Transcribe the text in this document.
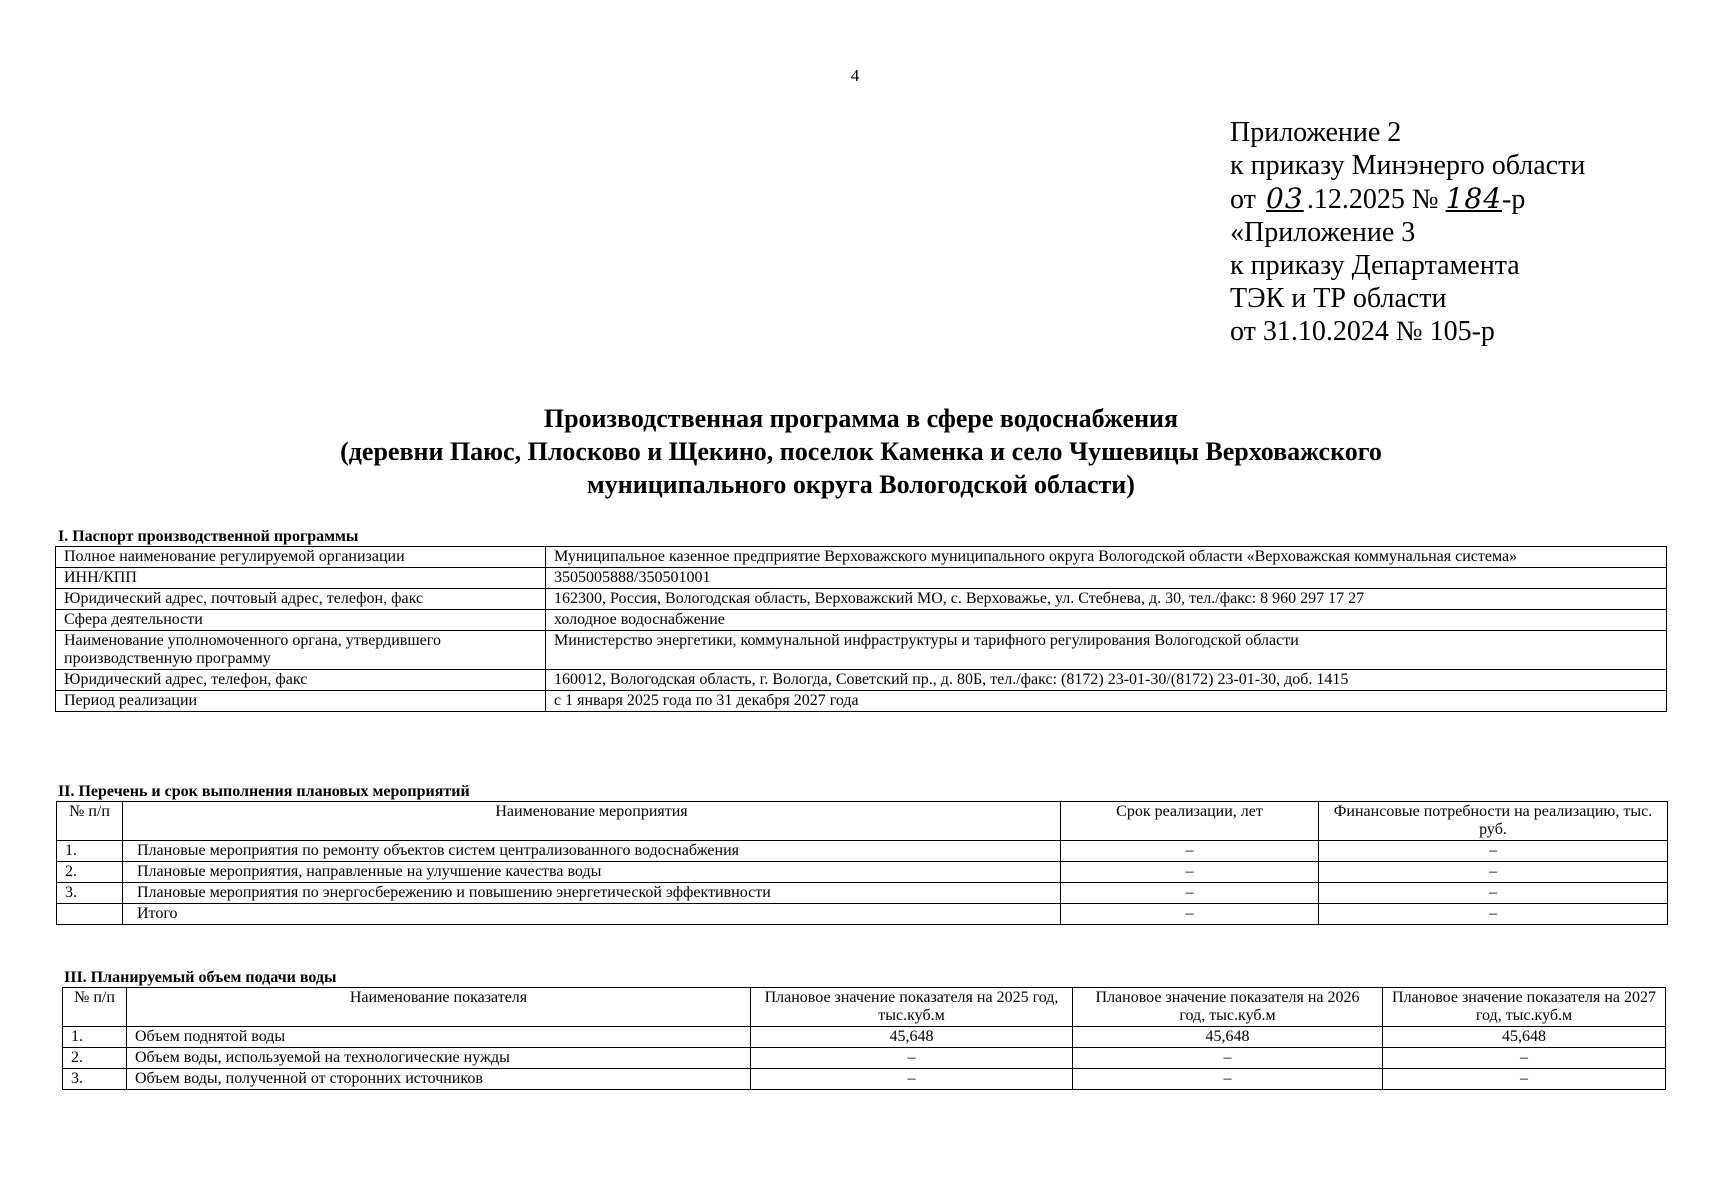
4
Приложение 2
к приказу Минэнерго области
от 03 .12.2025 № 184-р
«Приложение 3
к приказу Департамента
ТЭК и ТР области
от 31.10.2024 № 105-р
Производственная программа в сфере водоснабжения
(деревни Паюс, Плосково и Щекино, поселок Каменка и село Чушевицы Верховажского
муниципального округа Вологодской области)
I. Паспорт производственной программы
Полное наименование регулируемой организации	Муниципальное казенное предприятие Верховажского муниципального округа Вологодской области «Верховажская коммунальная система»
ИНН/КПП	3505005888/350501001
Юридический адрес, почтовый адрес, телефон, факс	162300, Россия, Вологодская область, Верховажский МО, с. Верховажье, ул. Стебнева, д. 30, тел./факс: 8 960 297 17 27
Сфера деятельности	холодное водоснабжение
Наименование уполномоченного органа, утвердившего производственную программу	Министерство энергетики, коммунальной инфраструктуры и тарифного регулирования Вологодской области
Юридический адрес, телефон, факс	160012, Вологодская область, г. Вологда, Советский пр., д. 80Б, тел./факс: (8172) 23-01-30/(8172) 23-01-30, доб. 1415
Период реализации	с 1 января 2025 года по 31 декабря 2027 года
II. Перечень и срок выполнения плановых мероприятий
№ п/п	Наименование мероприятия	Срок реализации, лет	Финансовые потребности на реализацию, тыс. руб.
1.	Плановые мероприятия по ремонту объектов систем централизованного водоснабжения	–	–
2.	Плановые мероприятия, направленные на улучшение качества воды	–	–
3.	Плановые мероприятия по энергосбережению и повышению энергетической эффективности	–	–
	Итого	–	–
III. Планируемый объем подачи воды
№ п/п	Наименование показателя	Плановое значение показателя на 2025 год, тыс.куб.м	Плановое значение показателя на 2026 год, тыс.куб.м	Плановое значение показателя на 2027 год, тыс.куб.м
1.	Объем поднятой воды	45,648	45,648	45,648
2.	Объем воды, используемой на технологические нужды	–	–	–
3.	Объем воды, полученной от сторонних источников	–	–	–
